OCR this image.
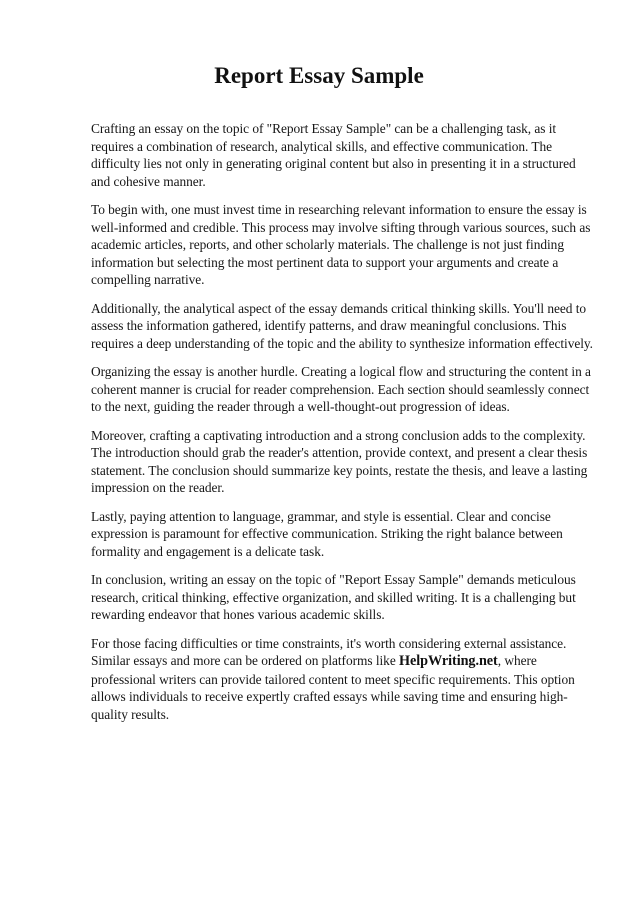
Report Essay Sample

Crafting an essay on the topic of "Report Essay Sample" can be a challenging task, as it requires a combination of research, analytical skills, and effective communication. The difficulty lies not only in generating original content but also in presenting it in a structured and cohesive manner.

To begin with, one must invest time in researching relevant information to ensure the essay is well-informed and credible. This process may involve sifting through various sources, such as academic articles, reports, and other scholarly materials. The challenge is not just finding information but selecting the most pertinent data to support your arguments and create a compelling narrative.

Additionally, the analytical aspect of the essay demands critical thinking skills. You'll need to assess the information gathered, identify patterns, and draw meaningful conclusions. This requires a deep understanding of the topic and the ability to synthesize information effectively.

Organizing the essay is another hurdle. Creating a logical flow and structuring the content in a coherent manner is crucial for reader comprehension. Each section should seamlessly connect to the next, guiding the reader through a well-thought-out progression of ideas.

Moreover, crafting a captivating introduction and a strong conclusion adds to the complexity. The introduction should grab the reader's attention, provide context, and present a clear thesis statement. The conclusion should summarize key points, restate the thesis, and leave a lasting impression on the reader.

Lastly, paying attention to language, grammar, and style is essential. Clear and concise expression is paramount for effective communication. Striking the right balance between formality and engagement is a delicate task.

In conclusion, writing an essay on the topic of "Report Essay Sample" demands meticulous research, critical thinking, effective organization, and skilled writing. It is a challenging but rewarding endeavor that hones various academic skills.

For those facing difficulties or time constraints, it's worth considering external assistance. Similar essays and more can be ordered on platforms like HelpWriting.net, where professional writers can provide tailored content to meet specific requirements. This option allows individuals to receive expertly crafted essays while saving time and ensuring high-quality results.
